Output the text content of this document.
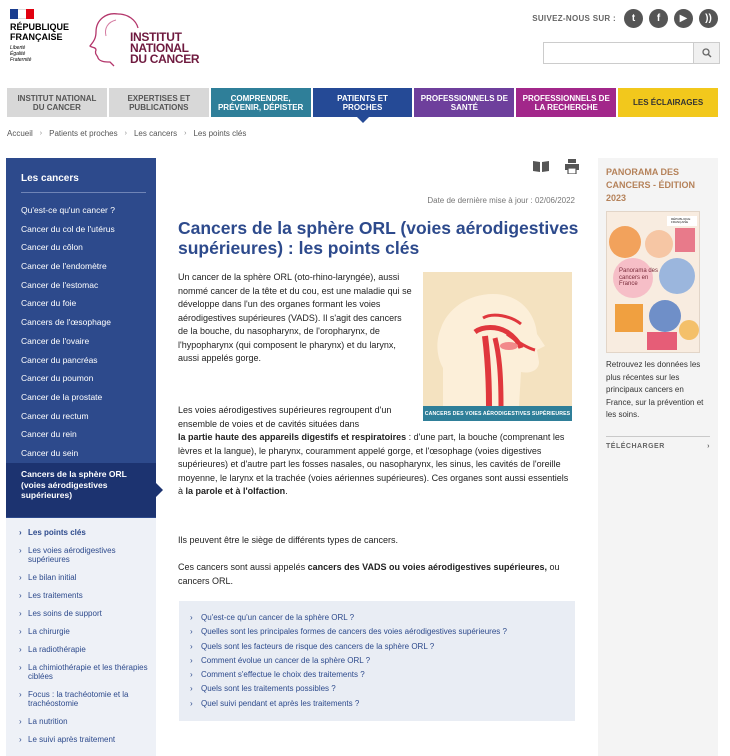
RÉPUBLIQUE
FRANÇAISE
Liberté
Égalité
Fraternité
INSTITUT
NATIONAL
DU CANCER
SUIVEZ-NOUS SUR :	t	f	▶	))
INSTITUT NATIONAL DU CANCER
EXPERTISES ET PUBLICATIONS
COMPRENDRE, PRÉVENIR, DÉPISTER
PATIENTS ET PROCHES
PROFESSIONNELS DE SANTÉ
PROFESSIONNELS DE LA RECHERCHE	LES ÉCLAIRAGES
Accueil › Patients et proches › Les cancers › Les points clés
Les cancers
Qu'est-ce qu'un cancer ?
Cancer du col de l'utérus
Cancer du côlon
Cancer de l'endomètre
Cancer de l'estomac
Cancer du foie
Cancers de l'œsophage
Cancer de l'ovaire
Cancer du pancréas
Cancer du poumon
Cancer de la prostate
Cancer du rectum
Cancer du rein
Cancer du sein
Cancers de la sphère ORL (voies aérodigestives supérieures)
› Les points clés
› Les voies aérodigestives supérieures
› Le bilan initial
› Les traitements
› Les soins de support
› La chirurgie
› La radiothérapie
› La chimiothérapie et les thérapies ciblées
› Focus : la trachéotomie et la trachéostomie
› La nutrition
› Le suivi après traitement
Date de dernière mise à jour : 02/06/2022
Cancers de la sphère ORL (voies aérodigestives supérieures) : les points clés

Un cancer de la sphère ORL (oto-rhino-laryngée), aussi nommé cancer de la tête et du cou, est une maladie qui se développe dans l'un des organes formant les voies aérodigestives supérieures (VADS). Il s'agit des cancers de la bouche, du nasopharynx, de l'oropharynx, de l'hypopharynx (qui composent le pharynx) et du larynx, aussi appelés gorge.

CANCERS DES VOIES AÉRODIGESTIVES SUPÉRIEURES

Les voies aérodigestives supérieures regroupent d'un ensemble de voies et de cavités situées dans
la partie haute des appareils digestifs et respiratoires : d'une part, la bouche (comprenant les lèvres et la langue), le pharynx, couramment appelé gorge, et l'œsophage (voies digestives supérieures) et d'autre part les fosses nasales, ou nasopharynx, les sinus, les cavités de l'oreille moyenne, le larynx et la trachée (voies aériennes supérieures). Ces organes sont aussi essentiels à la parole et à l'olfaction.

Ils peuvent être le siège de différents types de cancers.

Ces cancers sont aussi appelés cancers des VADS ou voies aérodigestives supérieures, ou cancers ORL.

›	Qu'est-ce qu'un cancer de la sphère ORL ?
›	Quelles sont les principales formes de cancers des voies aérodigestives supérieures ?
›	Quels sont les facteurs de risque des cancers de la sphère ORL ?
›	Comment évolue un cancer de la sphère ORL ?
›	Comment s'effectue le choix des traitements ?
›	Quels sont les traitements possibles ?
›	Quel suivi pendant et après les traitements ?
PANORAMA DES CANCERS - ÉDITION 2023
RÉPUBLIQUE
FRANÇAISE
Panorama des cancers en France
Retrouvez les données les plus récentes sur les principaux cancers en France, sur la prévention et les soins.
TÉLÉCHARGER	›
